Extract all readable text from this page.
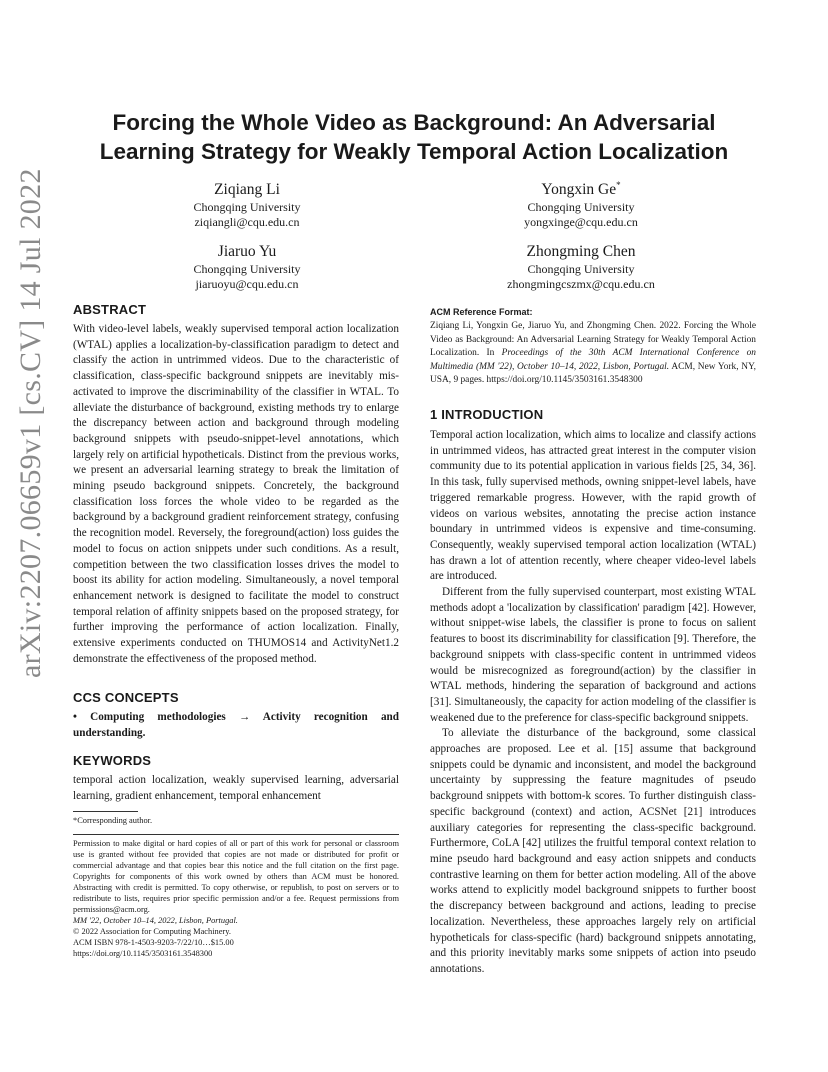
arXiv:2207.06659v1 [cs.CV] 14 Jul 2022
Forcing the Whole Video as Background: An Adversarial
Learning Strategy for Weakly Temporal Action Localization
Ziqiang Li
Chongqing University
ziqiangli@cqu.edu.cn
Yongxin Ge*
Chongqing University
yongxinge@cqu.edu.cn
Jiaruo Yu
Chongqing University
jiaruoyu@cqu.edu.cn
Zhongming Chen
Chongqing University
zhongmingcszmx@cqu.edu.cn
ABSTRACT

With video-level labels, weakly supervised temporal action localization (WTAL) applies a localization-by-classification paradigm to detect and classify the action in untrimmed videos. Due to the characteristic of classification, class-specific background snippets are inevitably mis-activated to improve the discriminability of the classifier in WTAL. To alleviate the disturbance of background, existing methods try to enlarge the discrepancy between action and background through modeling background snippets with pseudo-snippet-level annotations, which largely rely on artificial hypotheticals. Distinct from the previous works, we present an adversarial learning strategy to break the limitation of mining pseudo background snippets. Concretely, the background classification loss forces the whole video to be regarded as the background by a background gradient reinforcement strategy, confusing the recognition model. Reversely, the foreground(action) loss guides the model to focus on action snippets under such conditions. As a result, competition between the two classification losses drives the model to boost its ability for action modeling. Simultaneously, a novel temporal enhancement network is designed to facilitate the model to construct temporal relation of affinity snippets based on the proposed strategy, for further improving the performance of action localization. Finally, extensive experiments conducted on THUMOS14 and ActivityNet1.2 demonstrate the effectiveness of the proposed method.

CCS CONCEPTS

• Computing methodologies → Activity recognition and understanding.

KEYWORDS

temporal action localization, weakly supervised learning, adversarial learning, gradient enhancement, temporal enhancement

*Corresponding author.
Permission to make digital or hard copies of all or part of this work for personal or classroom use is granted without fee provided that copies are not made or distributed for profit or commercial advantage and that copies bear this notice and the full citation on the first page. Copyrights for components of this work owned by others than ACM must be honored. Abstracting with credit is permitted. To copy otherwise, or republish, to post on servers or to redistribute to lists, requires prior specific permission and/or a fee. Request permissions from permissions@acm.org.
MM '22, October 10–14, 2022, Lisbon, Portugal.
© 2022 Association for Computing Machinery.
ACM ISBN 978-1-4503-9203-7/22/10…$15.00
https://doi.org/10.1145/3503161.3548300
ACM Reference Format:
Ziqiang Li, Yongxin Ge, Jiaruo Yu, and Zhongming Chen. 2022. Forcing the Whole Video as Background: An Adversarial Learning Strategy for Weakly Temporal Action Localization. In Proceedings of the 30th ACM International Conference on Multimedia (MM '22), October 10–14, 2022, Lisbon, Portugal. ACM, New York, NY, USA, 9 pages. https://doi.org/10.1145/3503161.3548300
1 INTRODUCTION

Temporal action localization, which aims to localize and classify actions in untrimmed videos, has attracted great interest in the computer vision community due to its potential application in various fields [25, 34, 36]. In this task, fully supervised methods, owning snippet-level labels, have triggered remarkable progress. However, with the rapid growth of videos on various websites, annotating the precise action instance boundary in untrimmed videos is expensive and time-consuming. Consequently, weakly supervised temporal action localization (WTAL) has drawn a lot of attention recently, where cheaper video-level labels are introduced.

Different from the fully supervised counterpart, most existing WTAL methods adopt a 'localization by classification' paradigm [42]. However, without snippet-wise labels, the classifier is prone to focus on salient features to boost its discriminability for classification [9]. Therefore, the background snippets with class-specific content in untrimmed videos would be misrecognized as foreground(action) by the classifier in WTAL methods, hindering the separation of background and actions [31]. Simultaneously, the capacity for action modeling of the classifier is weakened due to the preference for class-specific background snippets.

To alleviate the disturbance of the background, some classical approaches are proposed. Lee et al. [15] assume that background snippets could be dynamic and inconsistent, and model the background uncertainty by suppressing the feature magnitudes of pseudo background snippets with bottom-k scores. To further distinguish class-specific background (context) and action, ACSNet [21] introduces auxiliary categories for representing the class-specific background. Furthermore, CoLA [42] utilizes the fruitful temporal context relation to mine pseudo hard background and easy action snippets and conducts contrastive learning on them for better action modeling. All of the above works attend to explicitly model background snippets to further boost the discrepancy between background and actions, leading to precise localization. Nevertheless, these approaches largely rely on artificial hypotheticals for class-specific (hard) background snippets annotating, and this priority inevitably marks some snippets of action into pseudo annotations.
